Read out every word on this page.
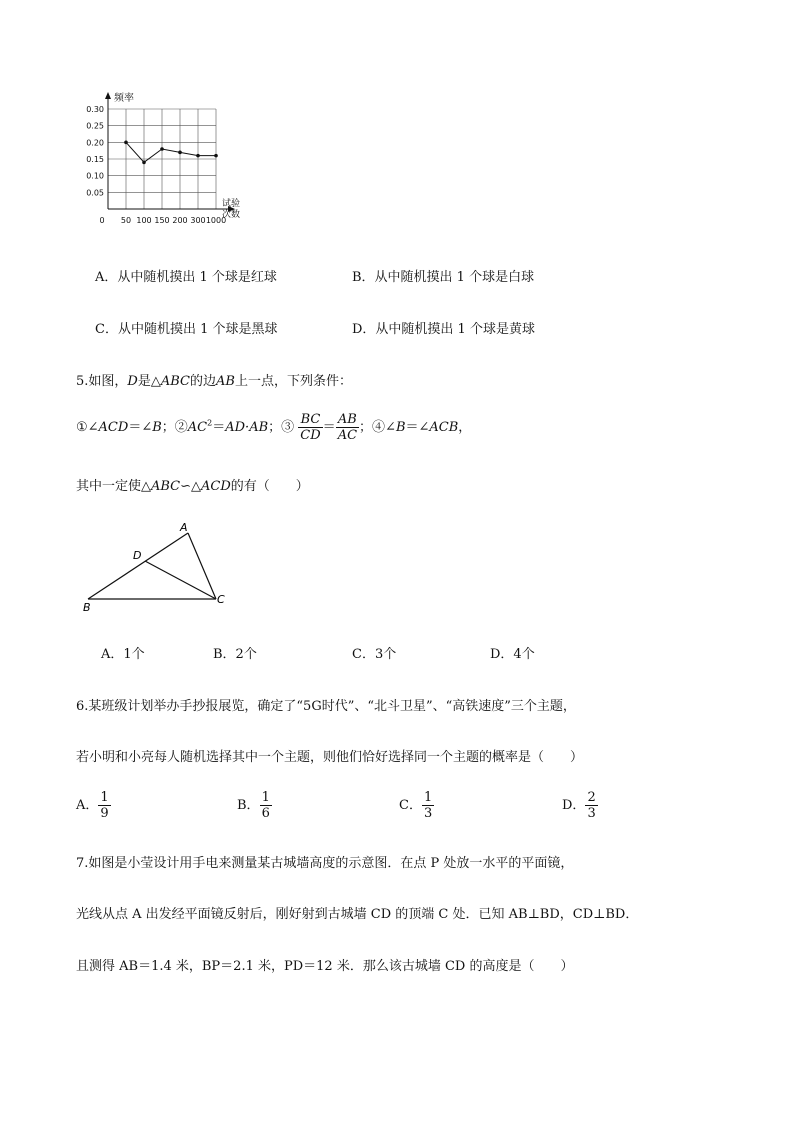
0.30
0.25
0.20
0.15
0.10
0.05
频率
试验
次数
0 50 100 150 200 300 1000
A．从中随机摸出 1 个球是红球	B．从中随机摸出 1 个球是白球
C．从中随机摸出 1 个球是黑球	D．从中随机摸出 1 个球是黄球
5.如图，D是△ABC的边AB上一点，下列条件：
①∠ACD＝∠B；$②AC^2=AD\cdot AB$；③ $\frac{BC}{CD} = \frac{AB}{AC}$ ；④∠B＝∠ACB，
其中一定使△ABC∽△ACD的有（　　）
A
B
C
D
A．1个	B．2个	C．3个	D．4个
6.某班级计划举办手抄报展览，确定了“5G时代”、“北斗卫星”、“高铁速度”三个主题，
若小明和小亮每人随机选择其中一个主题，则他们恰好选择同一个主题的概率是（　　）
A． $\frac{1}{9}$	B． $\frac{1}{6}$	C． $\frac{1}{3}$	D． $\frac{2}{3}$
7.如图是小莹设计用手电来测量某古城墙高度的示意图．在点 P 处放一水平的平面镜，
光线从点 A 出发经平面镜反射后，刚好射到古城墙 CD 的顶端 C 处．已知 AB⊥BD，CD⊥BD．
且测得 AB＝1.4 米，BP＝2.1 米，PD＝12 米．那么该古城墙 CD 的高度是（　　）
